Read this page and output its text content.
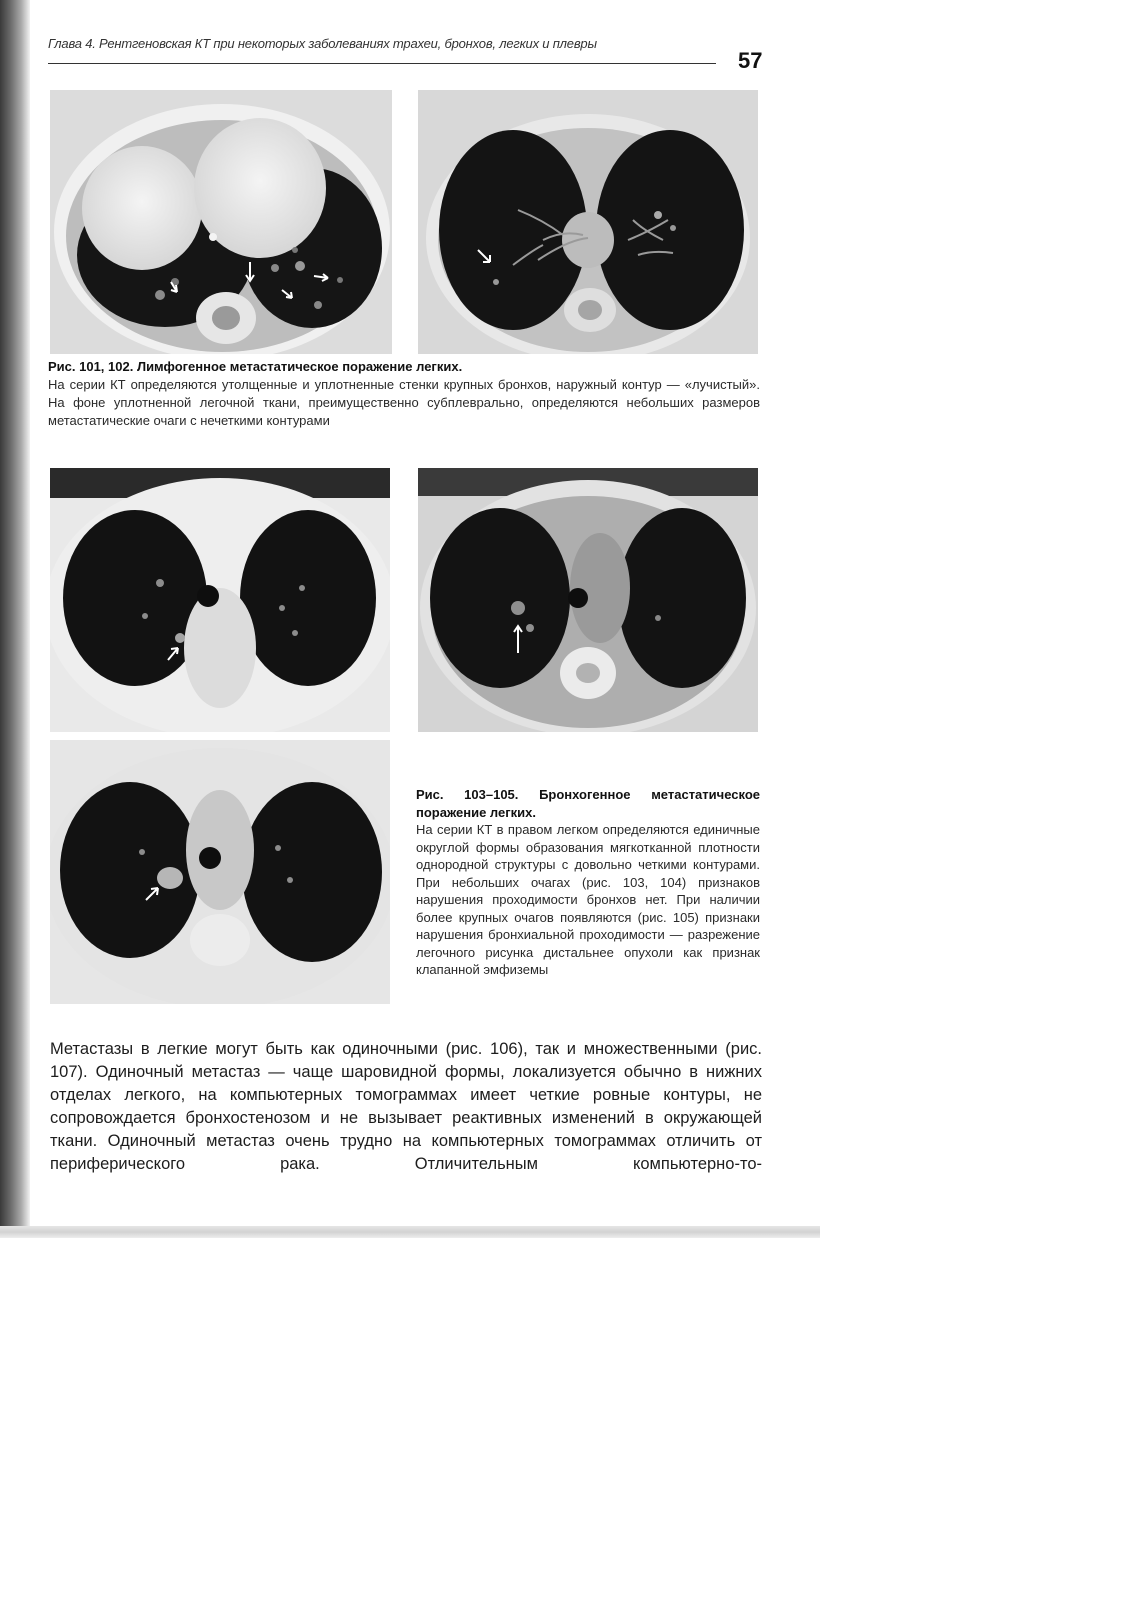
Глава 4. Рентгеновская КТ при некоторых заболеваниях трахеи, бронхов, легких и плевры
57
Рис. 101, 102. Лимфогенное метастатическое поражение легких.
На серии КТ определяются утолщенные и уплотненные стенки крупных бронхов, наружный контур — «лучистый». На фоне уплотненной легочной ткани, преимущественно субплеврально, определяются небольших размеров метастатические очаги с нечеткими контурами
Рис. 103–105. Бронхогенное метастатическое поражение легких.
На серии КТ в правом легком определяются единичные округлой формы образования мягкотканной плотности однородной структуры с довольно четкими контурами. При небольших очагах (рис. 103, 104) признаков нарушения проходимости бронхов нет. При наличии более крупных очагов появляются (рис. 105) признаки нарушения бронхиальной проходимости — разрежение легочного рисунка дистальнее опухоли как признак клапанной эмфиземы
Метастазы в легкие могут быть как одиночными (рис. 106), так и множественными (рис. 107). Одиночный метастаз — чаще шаровидной формы, локализуется обычно в нижних отделах легкого, на компьютерных томограммах имеет четкие ровные контуры, не сопровождается бронхостенозом и не вызывает реактивных изменений в окружающей ткани. Одиночный метастаз очень трудно на компьютерных томограммах отличить от периферического рака. Отличительным компьютерно-то-
